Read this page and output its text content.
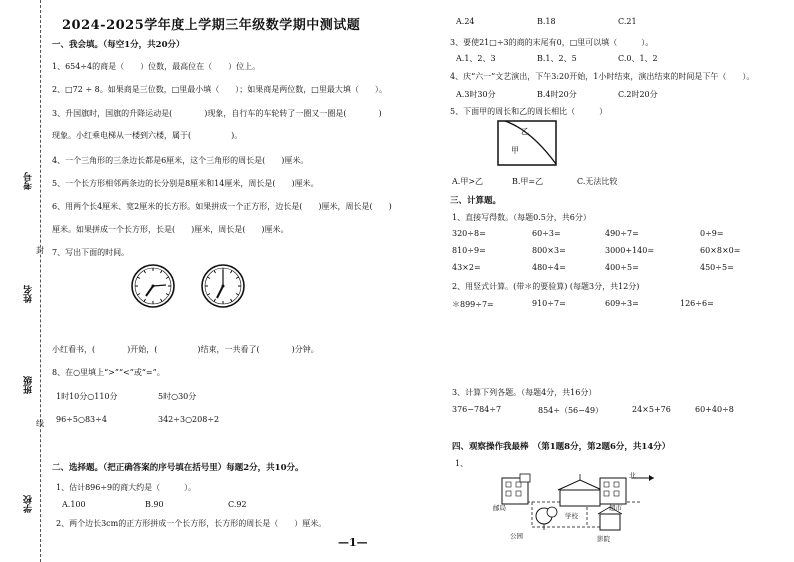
考号
姓名
班级
学校
封
线
2024-2025学年度上学期三年级数学期中测试题
一、我会填。（每空1分，共20分）
1、654÷4的商是（　　）位数，最高位在（　　）位上。
2、□72 ÷ 8。如果商是三位数，□里最小填（　　）；如果商是两位数，□里最大填（　　）。
3、升国旗时，国旗的升降运动是(　　　　)现象，自行车的车轮转了一圈又一圈是(　　　　)
现象。小红乘电梯从一楼到六楼，属于(　　　　　)。
4、一个三角形的三条边长都是6厘米，这个三角形的周长是(　　)厘米。
5、一个长方形相邻两条边的长分别是8厘米和14厘米，周长是(　　)厘米。
6、用两个长4厘米、宽2厘米的长方形。如果拼成一个正方形，边长是(　　)厘米，周长是(　　)
厘米。如果拼成一个长方形，长是(　　)厘米，周长是(　　)厘米。
7、写出下面的时间。
小红看书，(　　　　)开始，(　　　　　)结束，一共看了(　　　　)分钟。
8、在○里填上“>”“<”或“=”。
1时10分○110分	5时○30分
96÷5○83÷4	342÷3○208÷2
二、选择题。（把正确答案的序号填在括号里）每题2分，共10分。
1、估计896÷9的商大约是（　　　）。
A.100	B.90	C.92
2、两个边长3cm的正方形拼成一个长方形，长方形的周长是（　　）厘米。
—1—
A.24	B.18	C.21
3、要使21□÷3的商的末尾有0，□里可以填（　　　）。
A.1、2、3	B.1、2、5	C.0、1、2
4、庆“六一”文艺演出，下午3:20开始，1小时结束，演出结束的时间是下午（　　）。
A.3时30分	B.4时20分	C.2时20分
5、下面甲的周长和乙的周长相比（　　　）
乙
甲
A.甲>乙	B.甲=乙	C.无法比较
三、计算题。
1、直接写得数。（每题0.5分，共6分）
320÷8=	60÷3=	490÷7=	0÷9=
810÷9=	800×3=	3000+140=	60×8×0=
43×2=	480÷4=	400÷5=	450÷5=
2、用竖式计算。(带＊的要验算) (每题3分，共12分)
＊899÷7=	910÷7=	609÷3=	126÷6=
3、计算下列各题。（每题4分，共16分）
376−784÷7	854÷（56−49）	24×5+76	60+40÷8
四、观察操作我最棒　（第1题8分，第2题6分，共14分）
1、
北
邮局
学校
公园	影院
超市
